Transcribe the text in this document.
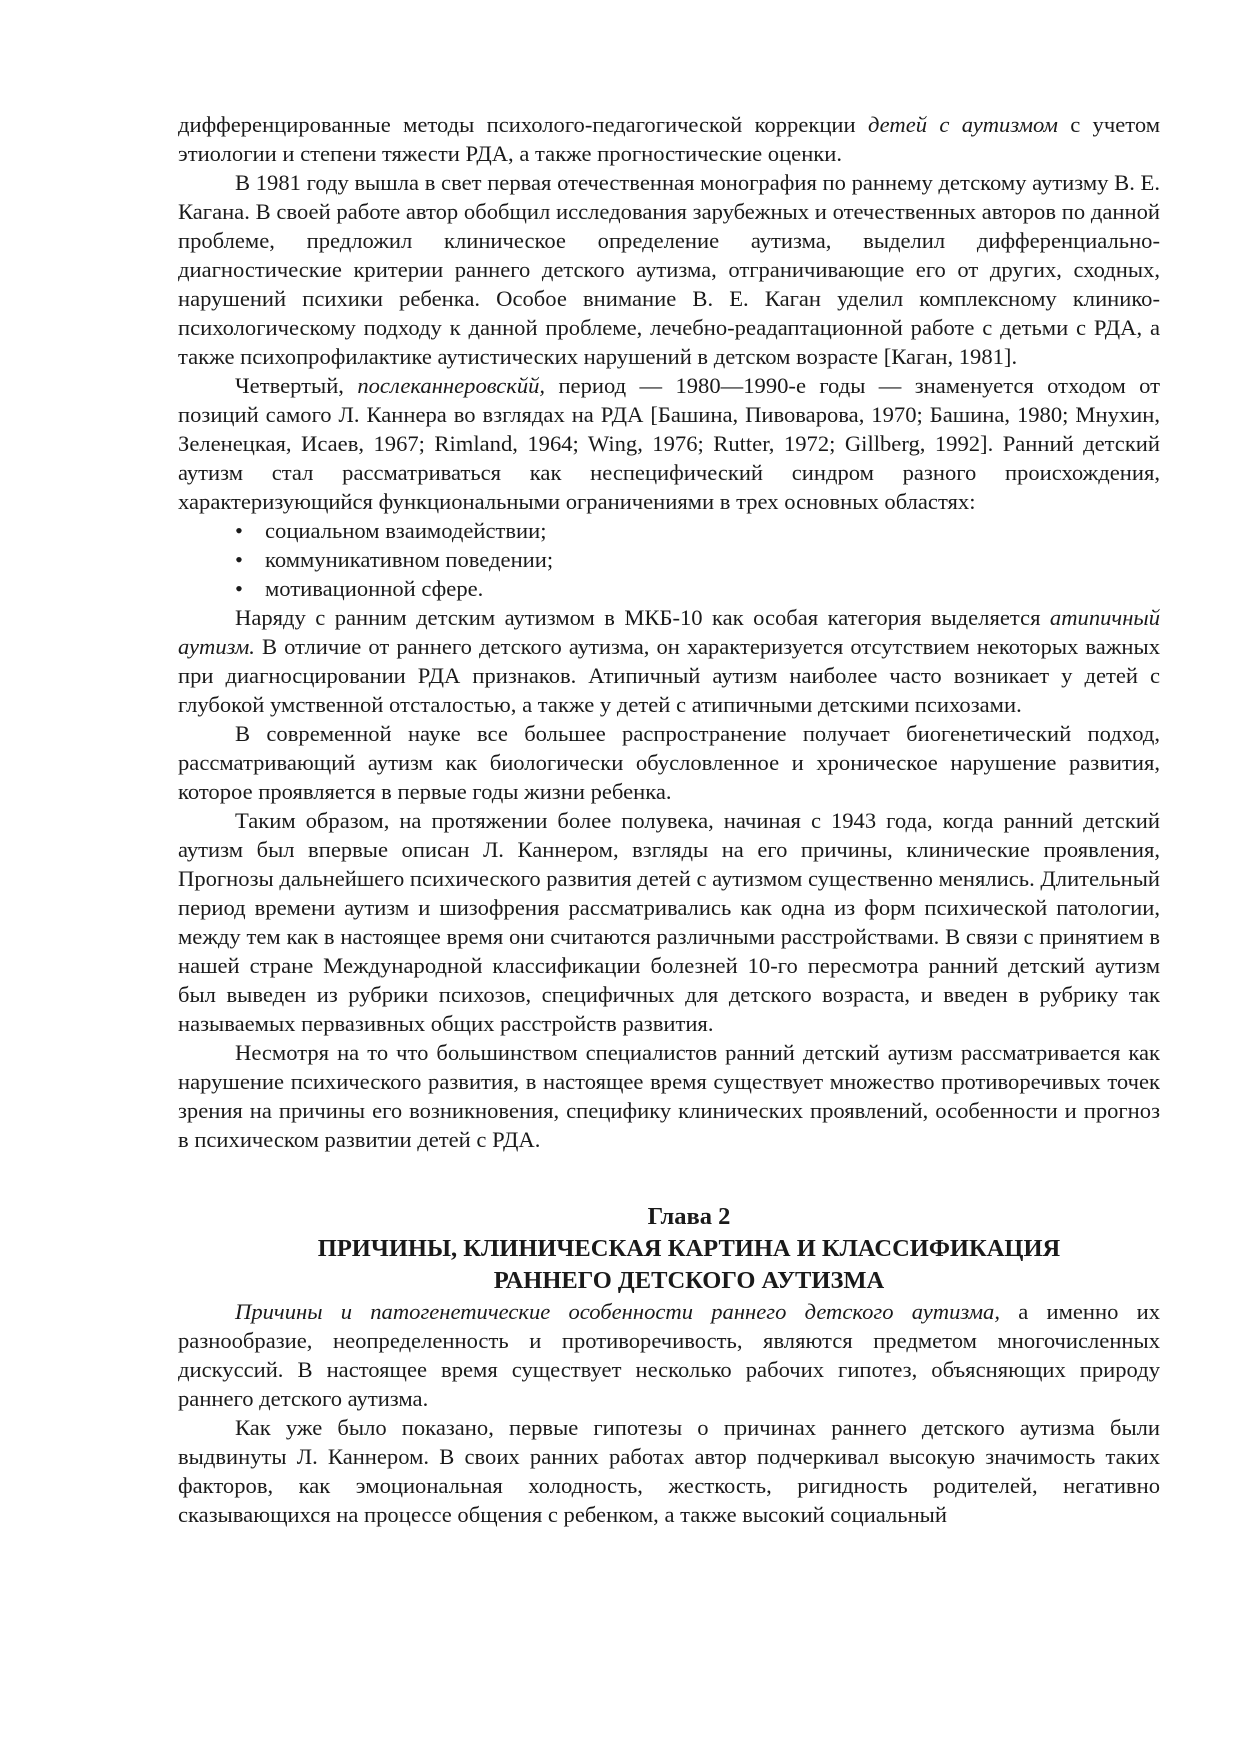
дифференцированные методы психолого-педагогической коррекции детей с аутизмом с учетом этиологии и степени тяжести РДА, а также прогностические оценки.

В 1981 году вышла в свет первая отечественная монография по раннему детскому аутизму В. Е. Кагана. В своей работе автор обобщил исследования зарубежных и отечественных авторов по данной проблеме, предложил клиническое определение аутизма, выделил дифференциально-диагностические критерии раннего детского аутизма, отграничивающие его от других, сходных, нарушений психики ребенка. Особое внимание В. Е. Каган уделил комплексному клинико-психологическому подходу к данной проблеме, лечебно-реадаптационной работе с детьми с РДА, а также психопрофилактике аутистических нарушений в детском возрасте [Каган, 1981].

Четвертый, послеканнеровскйй, период — 1980—1990-е годы — знаменуется отходом от позиций самого Л. Каннера во взглядах на РДА [Башина, Пивоварова, 1970; Башина, 1980; Мнухин, Зеленецкая, Исаев, 1967; Rimland, 1964; Wing, 1976; Rutter, 1972; Gillberg, 1992]. Ранний детский аутизм стал рассматриваться как неспецифический синдром разного происхождения, характеризующийся функциональными ограничениями в трех основных областях:

• социальном взаимодействии;
• коммуникативном поведении;
• мотивационной сфере.

Наряду с ранним детским аутизмом в МКБ-10 как особая категория выделяется атипичный аутизм. В отличие от раннего детского аутизма, он характеризуется отсутствием некоторых важных при диагносцировании РДА признаков. Атипичный аутизм наиболее часто возникает у детей с глубокой умственной отсталостью, а также у детей с атипичными детскими психозами.

В современной науке все большее распространение получает биогенетический подход, рассматривающий аутизм как биологически обусловленное и хроническое нарушение развития, которое проявляется в первые годы жизни ребенка.

Таким образом, на протяжении более полувека, начиная с 1943 года, когда ранний детский аутизм был впервые описан Л. Каннером, взгляды на его причины, клинические проявления, Прогнозы дальнейшего психического развития детей с аутизмом существенно менялись. Длительный период времени аутизм и шизофрения рассматривались как одна из форм психической патологии, между тем как в настоящее время они считаются различными расстройствами. В связи с принятием в нашей стране Международной классификации болезней 10-го пересмотра ранний детский аутизм был выведен из рубрики психозов, специфичных для детского возраста, и введен в рубрику так называемых первазивных общих расстройств развития.

Несмотря на то что большинством специалистов ранний детский аутизм рассматривается как нарушение психического развития, в настоящее время существует множество противоречивых точек зрения на причины его возникновения, специфику клинических проявлений, особенности и прогноз в психическом развитии детей с РДА.

Глава 2
ПРИЧИНЫ, КЛИНИЧЕСКАЯ КАРТИНА И КЛАССИФИКАЦИЯ
РАННЕГО ДЕТСКОГО АУТИЗМА

Причины и патогенетические особенности раннего детского аутизма, а именно их разнообразие, неопределенность и противоречивость, являются предметом многочисленных дискуссий. В настоящее время существует несколько рабочих гипотез, объясняющих природу раннего детского аутизма.

Как уже было показано, первые гипотезы о причинах раннего детского аутизма были выдвинуты Л. Каннером. В своих ранних работах автор подчеркивал высокую значимость таких факторов, как эмоциональная холодность, жесткость, ригидность родителей, негативно сказывающихся на процессе общения с ребенком, а также высокий социальный
